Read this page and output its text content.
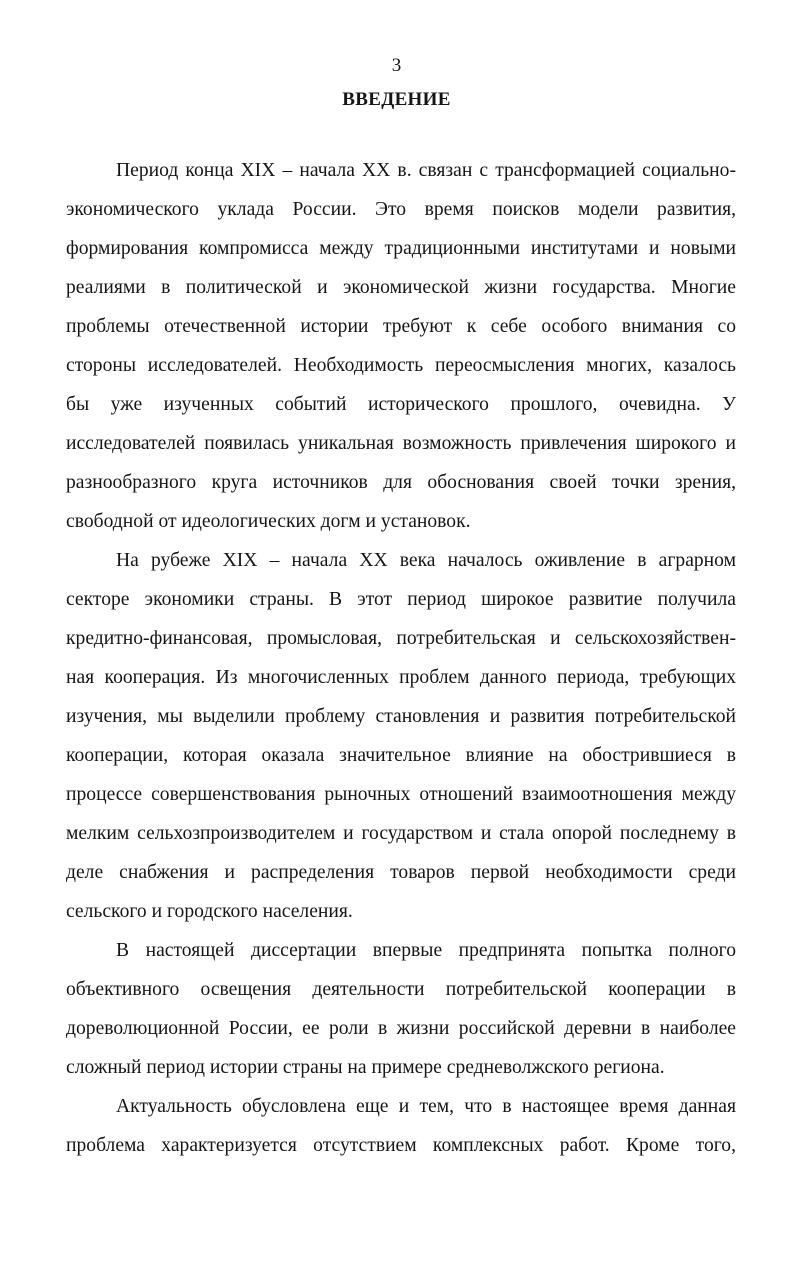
3
ВВЕДЕНИЕ
Период конца XIX – начала XX в. связан с трансформацией социально-
экономического уклада России. Это время поисков модели развития,
формирования компромисса между традиционными институтами и новыми
реалиями в политической и экономической жизни государства. Многие
проблемы отечественной истории требуют к себе особого внимания со
стороны исследователей. Необходимость переосмысления многих, казалось
бы уже изученных событий исторического прошлого, очевидна. У
исследователей появилась уникальная возможность привлечения широкого и
разнообразного круга источников для обоснования своей точки зрения,
свободной от идеологических догм и установок.
На рубеже XIX – начала XX века началось оживление в аграрном
секторе экономики страны. В этот период широкое развитие получила
кредитно-финансовая, промысловая, потребительская и сельскохозяйствен-
ная кооперация. Из многочисленных проблем данного периода, требующих
изучения, мы выделили проблему становления и развития потребительской
кооперации, которая оказала значительное влияние на обострившиеся в
процессе совершенствования рыночных отношений взаимоотношения между
мелким сельхозпроизводителем и государством и стала опорой последнему в
деле снабжения и распределения товаров первой необходимости среди
сельского и городского населения.
В настоящей диссертации впервые предпринята попытка полного
объективного освещения деятельности потребительской кооперации в
дореволюционной России, ее роли в жизни российской деревни в наиболее
сложный период истории страны на примере средневолжского региона.
Актуальность обусловлена еще и тем, что в настоящее время данная
проблема характеризуется отсутствием комплексных работ. Кроме того,
